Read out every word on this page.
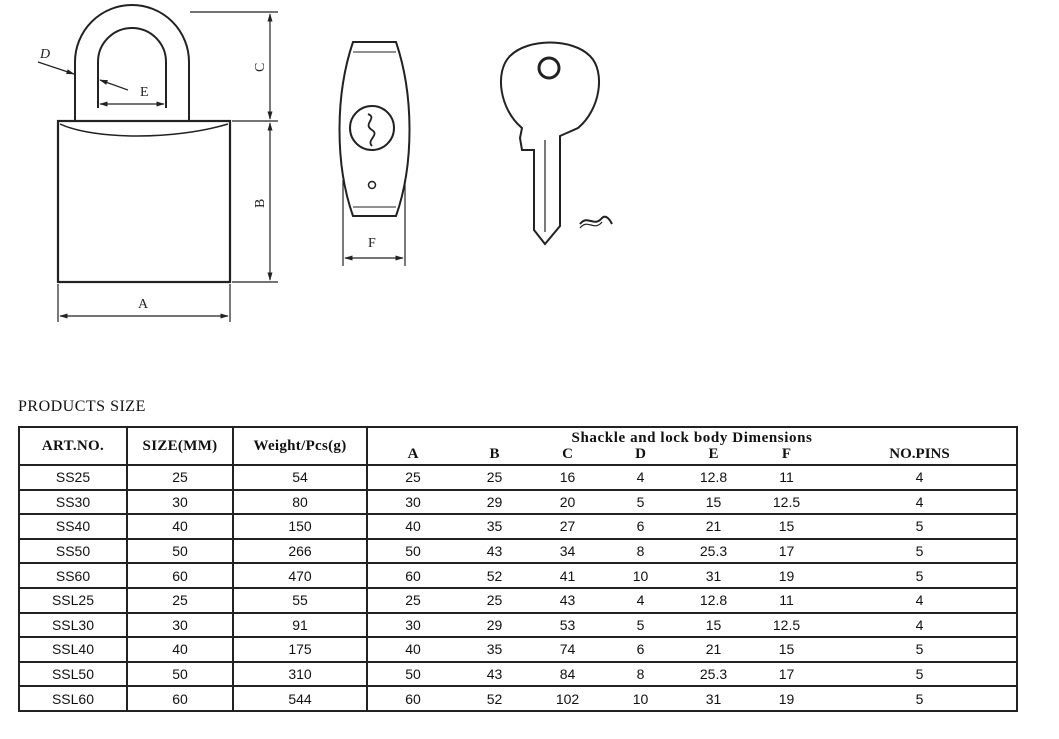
E
D
C
B
A
F
PRODUCTS SIZE
ART.NO.	SIZE(MM)	Weight/Pcs(g)	Shackle and lock body Dimensions						
			A	B	C	D	E	F	NO.PINS
SS25	25	54	25	25	16	4	12.8	11	4
SS30	30	80	30	29	20	5	15	12.5	4
SS40	40	150	40	35	27	6	21	15	5
SS50	50	266	50	43	34	8	25.3	17	5
SS60	60	470	60	52	41	10	31	19	5
SSL25	25	55	25	25	43	4	12.8	11	4
SSL30	30	91	30	29	53	5	15	12.5	4
SSL40	40	175	40	35	74	6	21	15	5
SSL50	50	310	50	43	84	8	25.3	17	5
SSL60	60	544	60	52	102	10	31	19	5
